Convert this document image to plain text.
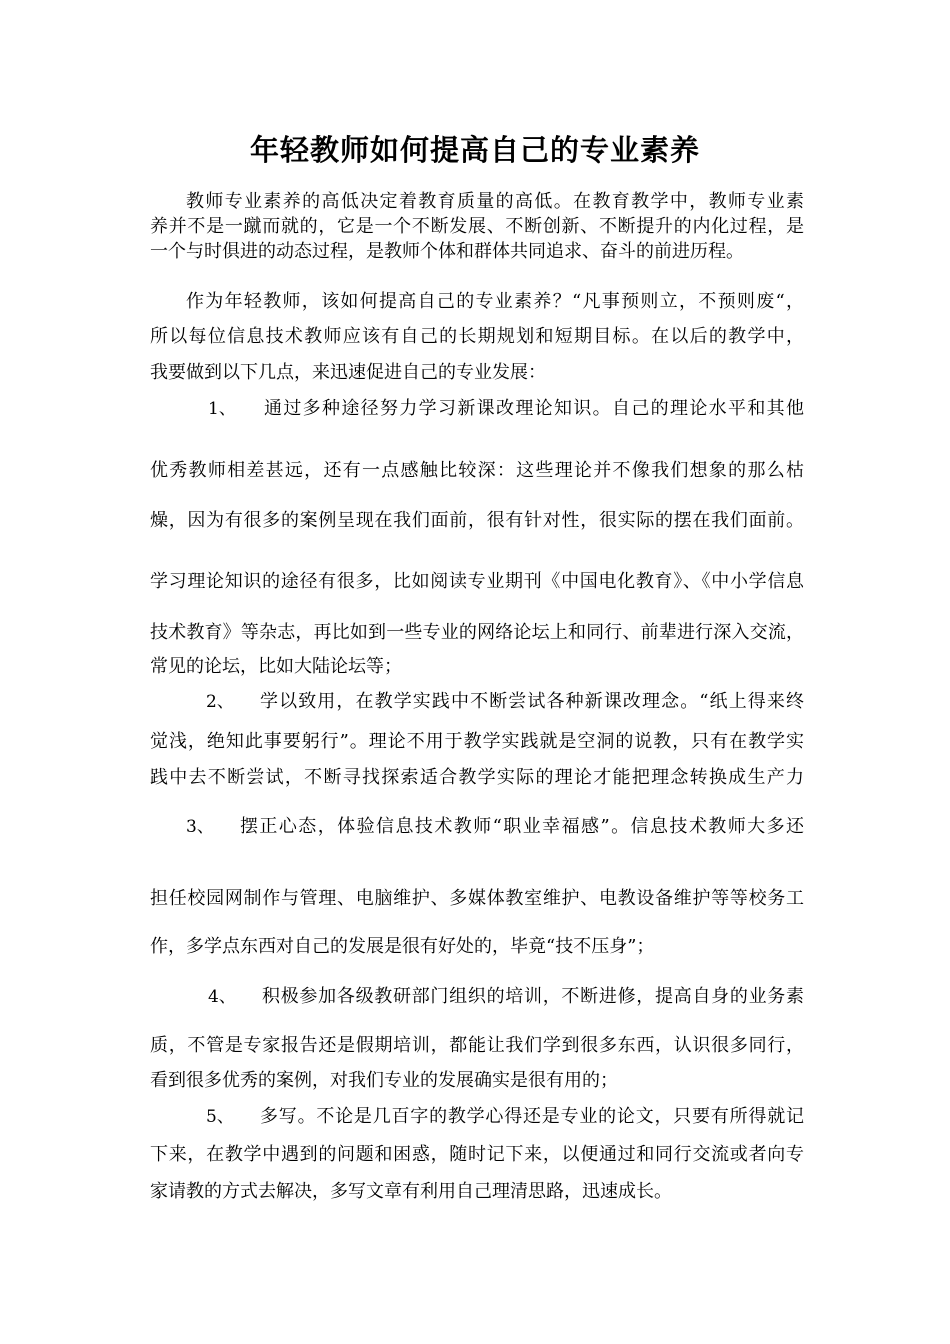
年轻教师如何提高自己的专业素养
教师专业素养的高低决定着教育质量的高低。在教育教学中，教师专业素
养并不是一蹴而就的，它是一个不断发展、不断创新、不断提升的内化过程，是
一个与时俱进的动态过程，是教师个体和群体共同追求、奋斗的前进历程。
作为年轻教师，该如何提高自己的专业素养？“凡事预则立，不预则废“，
所以每位信息技术教师应该有自己的长期规划和短期目标。在以后的教学中，
我要做到以下几点，来迅速促进自己的专业发展：
1、 通过多种途径努力学习新课改理论知识。自己的理论水平和其他
优秀教师相差甚远，还有一点感触比较深：这些理论并不像我们想象的那么枯
燥，因为有很多的案例呈现在我们面前，很有针对性，很实际的摆在我们面前。
学习理论知识的途径有很多，比如阅读专业期刊《中国电化教育》、《中小学信息
技术教育》等杂志，再比如到一些专业的网络论坛上和同行、前辈进行深入交流，
常见的论坛，比如大陆论坛等；
2、 学以致用，在教学实践中不断尝试各种新课改理念。“纸上得来终
觉浅，绝知此事要躬行”。理论不用于教学实践就是空洞的说教，只有在教学实
践中去不断尝试，不断寻找探索适合教学实际的理论才能把理念转换成生产力
3、 摆正心态，体验信息技术教师“职业幸福感”。信息技术教师大多还
担任校园网制作与管理、电脑维护、多媒体教室维护、电教设备维护等等校务工
作，多学点东西对自己的发展是很有好处的，毕竟“技不压身”；
4、 积极参加各级教研部门组织的培训，不断进修，提高自身的业务素
质，不管是专家报告还是假期培训，都能让我们学到很多东西，认识很多同行，
看到很多优秀的案例，对我们专业的发展确实是很有用的；
5、 多写。不论是几百字的教学心得还是专业的论文，只要有所得就记
下来，在教学中遇到的问题和困惑，随时记下来，以便通过和同行交流或者向专
家请教的方式去解决，多写文章有利用自己理清思路，迅速成长。
